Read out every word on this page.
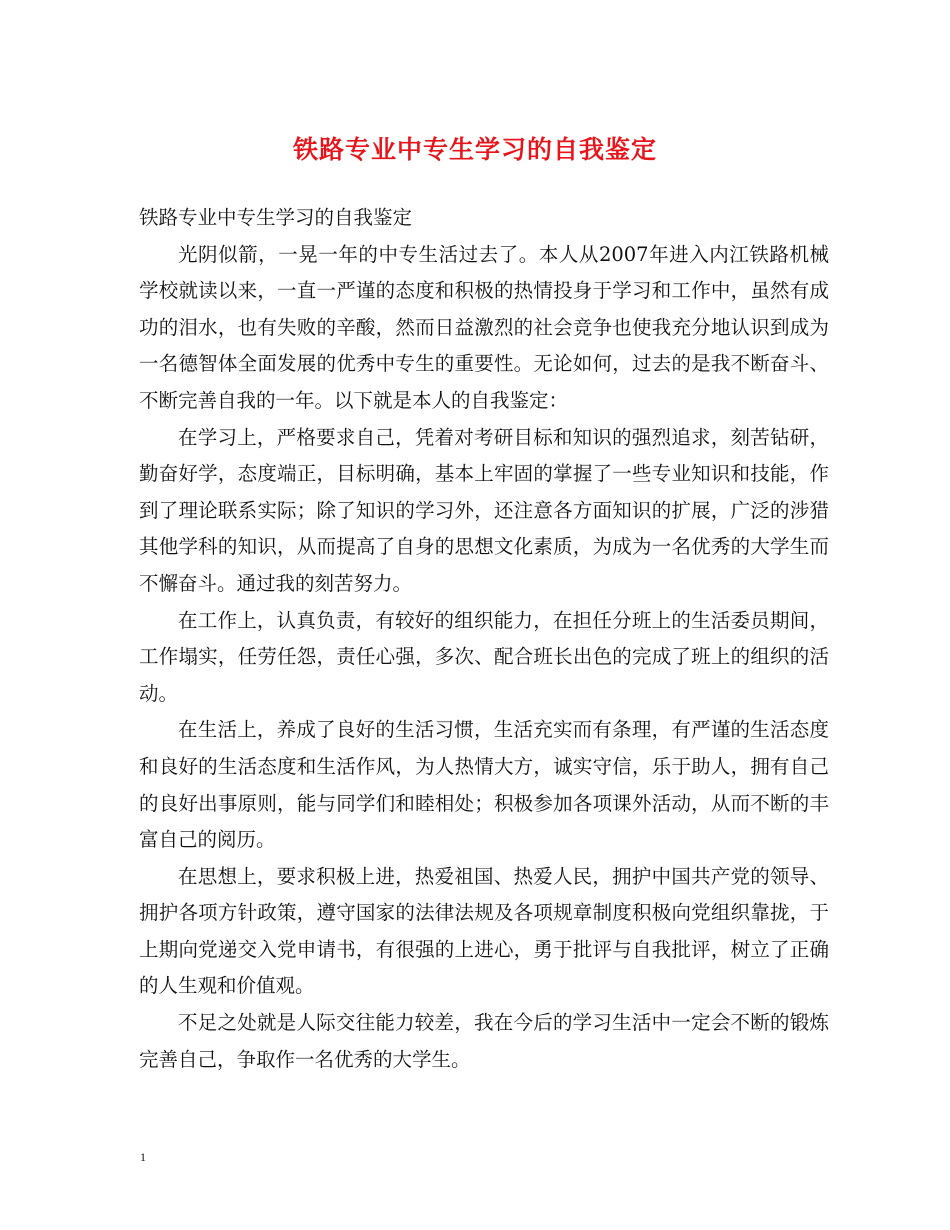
铁路专业中专生学习的自我鉴定

铁路专业中专生学习的自我鉴定

光阴似箭，一晃一年的中专生活过去了。本人从2007年进入内江铁路机械学校就读以来，一直一严谨的态度和积极的热情投身于学习和工作中，虽然有成功的泪水，也有失败的辛酸，然而日益激烈的社会竞争也使我充分地认识到成为一名德智体全面发展的优秀中专生的重要性。无论如何，过去的是我不断奋斗、不断完善自我的一年。以下就是本人的自我鉴定：

在学习上，严格要求自己，凭着对考研目标和知识的强烈追求，刻苦钻研，勤奋好学，态度端正，目标明确，基本上牢固的掌握了一些专业知识和技能，作到了理论联系实际；除了知识的学习外，还注意各方面知识的扩展，广泛的涉猎其他学科的知识，从而提高了自身的思想文化素质，为成为一名优秀的大学生而不懈奋斗。通过我的刻苦努力。

在工作上，认真负责，有较好的组织能力，在担任分班上的生活委员期间，工作塌实，任劳任怨，责任心强，多次、配合班长出色的完成了班上的组织的活动。

在生活上，养成了良好的生活习惯，生活充实而有条理，有严谨的生活态度和良好的生活态度和生活作风，为人热情大方，诚实守信，乐于助人，拥有自己的良好出事原则，能与同学们和睦相处；积极参加各项课外活动，从而不断的丰富自己的阅历。

在思想上，要求积极上进，热爱祖国、热爱人民，拥护中国共产党的领导、拥护各项方针政策，遵守国家的法律法规及各项规章制度积极向党组织靠拢，于上期向党递交入党申请书，有很强的上进心，勇于批评与自我批评，树立了正确的人生观和价值观。

不足之处就是人际交往能力较差，我在今后的学习生活中一定会不断的锻炼完善自己，争取作一名优秀的大学生。

1
